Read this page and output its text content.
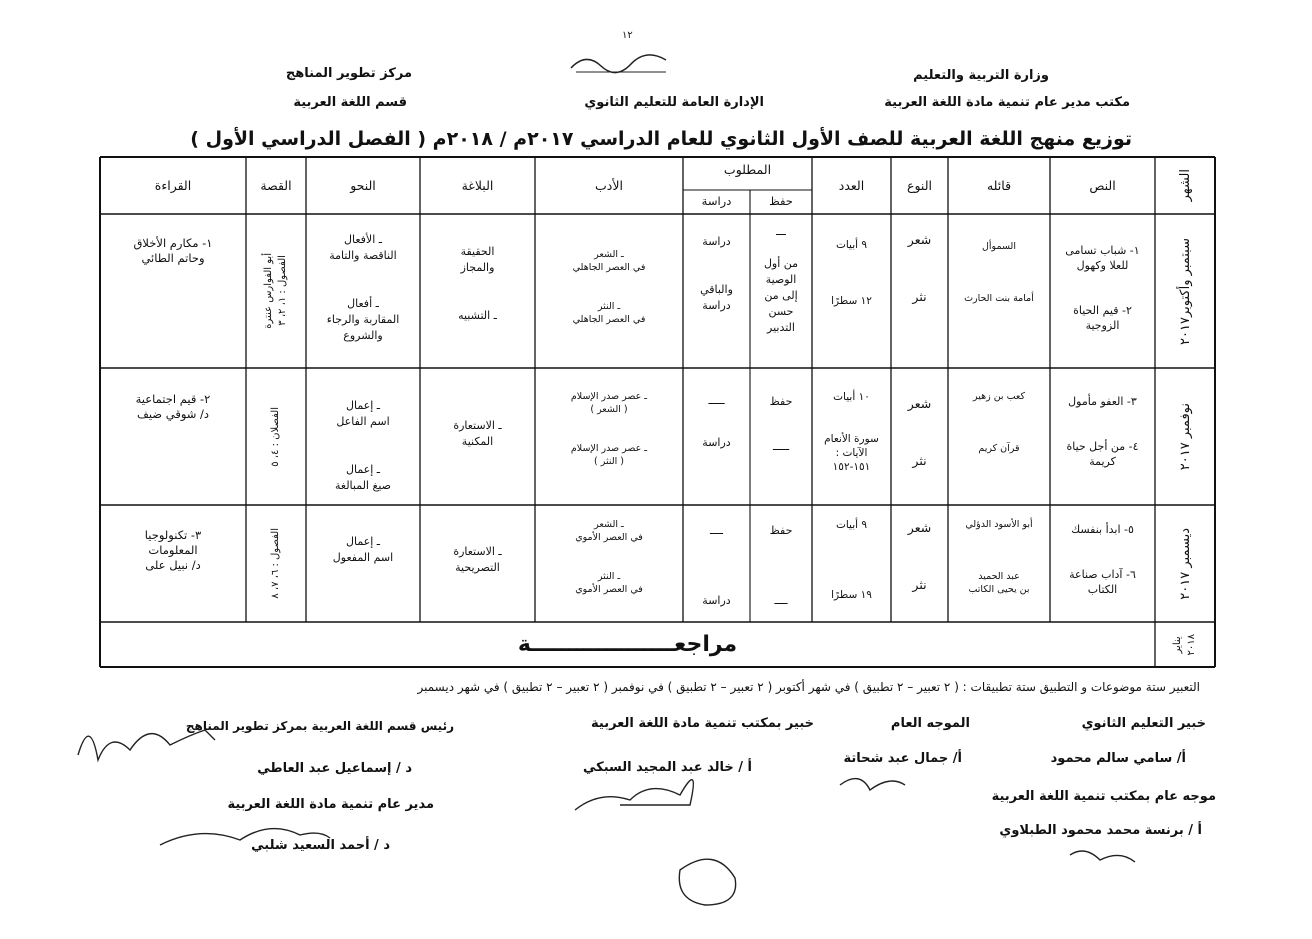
١٢
وزارة التربية والتعليم
مكتب مدير عام تنمية مادة اللغة العربية
الإدارة العامة للتعليم الثانوي
مركز تطوير المناهج
قسم اللغة العربية
توزيع منهج اللغة العربية للصف الأول الثانوي للعام الدراسي ٢٠١٧م / ٢٠١٨م ( الفصل الدراسي الأول )
الشهر
النص
قائله
النوع
العدد
المطلوب
حفظ
دراسة
الأدب
البلاغة
النحو
القصة
القراءة
سبتمبر وأكتوبر٢٠١٧
١- شباب تسامى
للعلا وكهول

٢- قيم الحياة
الزوجية
السموأل

أمامة بنت الحارث
شعر

نثر
٩ أبيات

١٢ سطرًا
ـــ

من أول
الوصية
إلى من
حسن
التدبير
دراسة

والباقي
دراسة
ـ الشعر
في العصر الجاهلي

ـ النثر
في العصر الجاهلي
الحقيقة
والمجاز

ـ التشبيه
ـ الأفعال
الناقصة والتامة

ـ أفعال
المقاربة والرجاء
والشروع
أبو الفوارس عنترة
الفصول : ١، ٢، ٣
١- مكارم الأخلاق
وحاتم الطائي
نوفمبر ٢٠١٧
٣- العفو مأمول

٤- من أجل حياة
كريمة
كعب بن زهير

قرآن كريم
شعر

نثر
١٠ أبيات

سورة الأنعام
الآيات :
١٥١-١٥٢
حفظ

ـــــ
ـــــ

دراسة
ـ عصر صدر الإسلام
( الشعر )

ـ عصر صدر الإسلام
( النثر )
ـ الاستعارة
المكنية
ـ إعمال
اسم الفاعل

ـ إعمال
صيغ المبالغة
الفصلان : ٤، ٥
٢- قيم اجتماعية
د/ شوقي ضيف
ديسمبر ٢٠١٧
٥- ابدأ بنفسك

٦- آداب صناعة
الكتاب
أبو الأسود الدؤلي

عبد الحميد
بن يحيى الكاتب
شعر

نثر
٩ أبيات

١٩ سطرًا
حفظ

ــــ
ــــ

دراسة
ـ الشعر
في العصر الأموي

ـ النثر
في العصر الأموي
ـ الاستعارة
التصريحية
ـ إعمال
اسم المفعول
الفصول : ٦، ٧، ٨
٣- تكنولوجيا
المعلومات
د/ نبيل على
يناير
٢٠١٨
مراجعـــــــــــــــــــة
التعبير ستة موضوعات و التطبيق ستة تطبيقات : ( ٢ تعبير – ٢ تطبيق ) في شهر أكتوبر ( ٢ تعبير – ٢ تطبيق ) في نوفمبر ( ٢ تعبير – ٢ تطبيق ) في شهر ديسمبر
خبير التعليم الثانوي
أ/ سامي سالم محمود
الموجه العام
أ/ جمال عبد شحاتة
خبير بمكتب تنمية مادة اللغة العربية
أ / خالد عبد المجيد السبكي
رئيس قسم اللغة العربية بمركز تطوير المناهج
د / إسماعيل عبد العاطي
مدير عام تنمية مادة اللغة العربية
د / أحمد السعيد شلبي
موجه عام بمكتب تنمية اللغة العربية
أ / برنسة محمد محمود الطبلاوي
